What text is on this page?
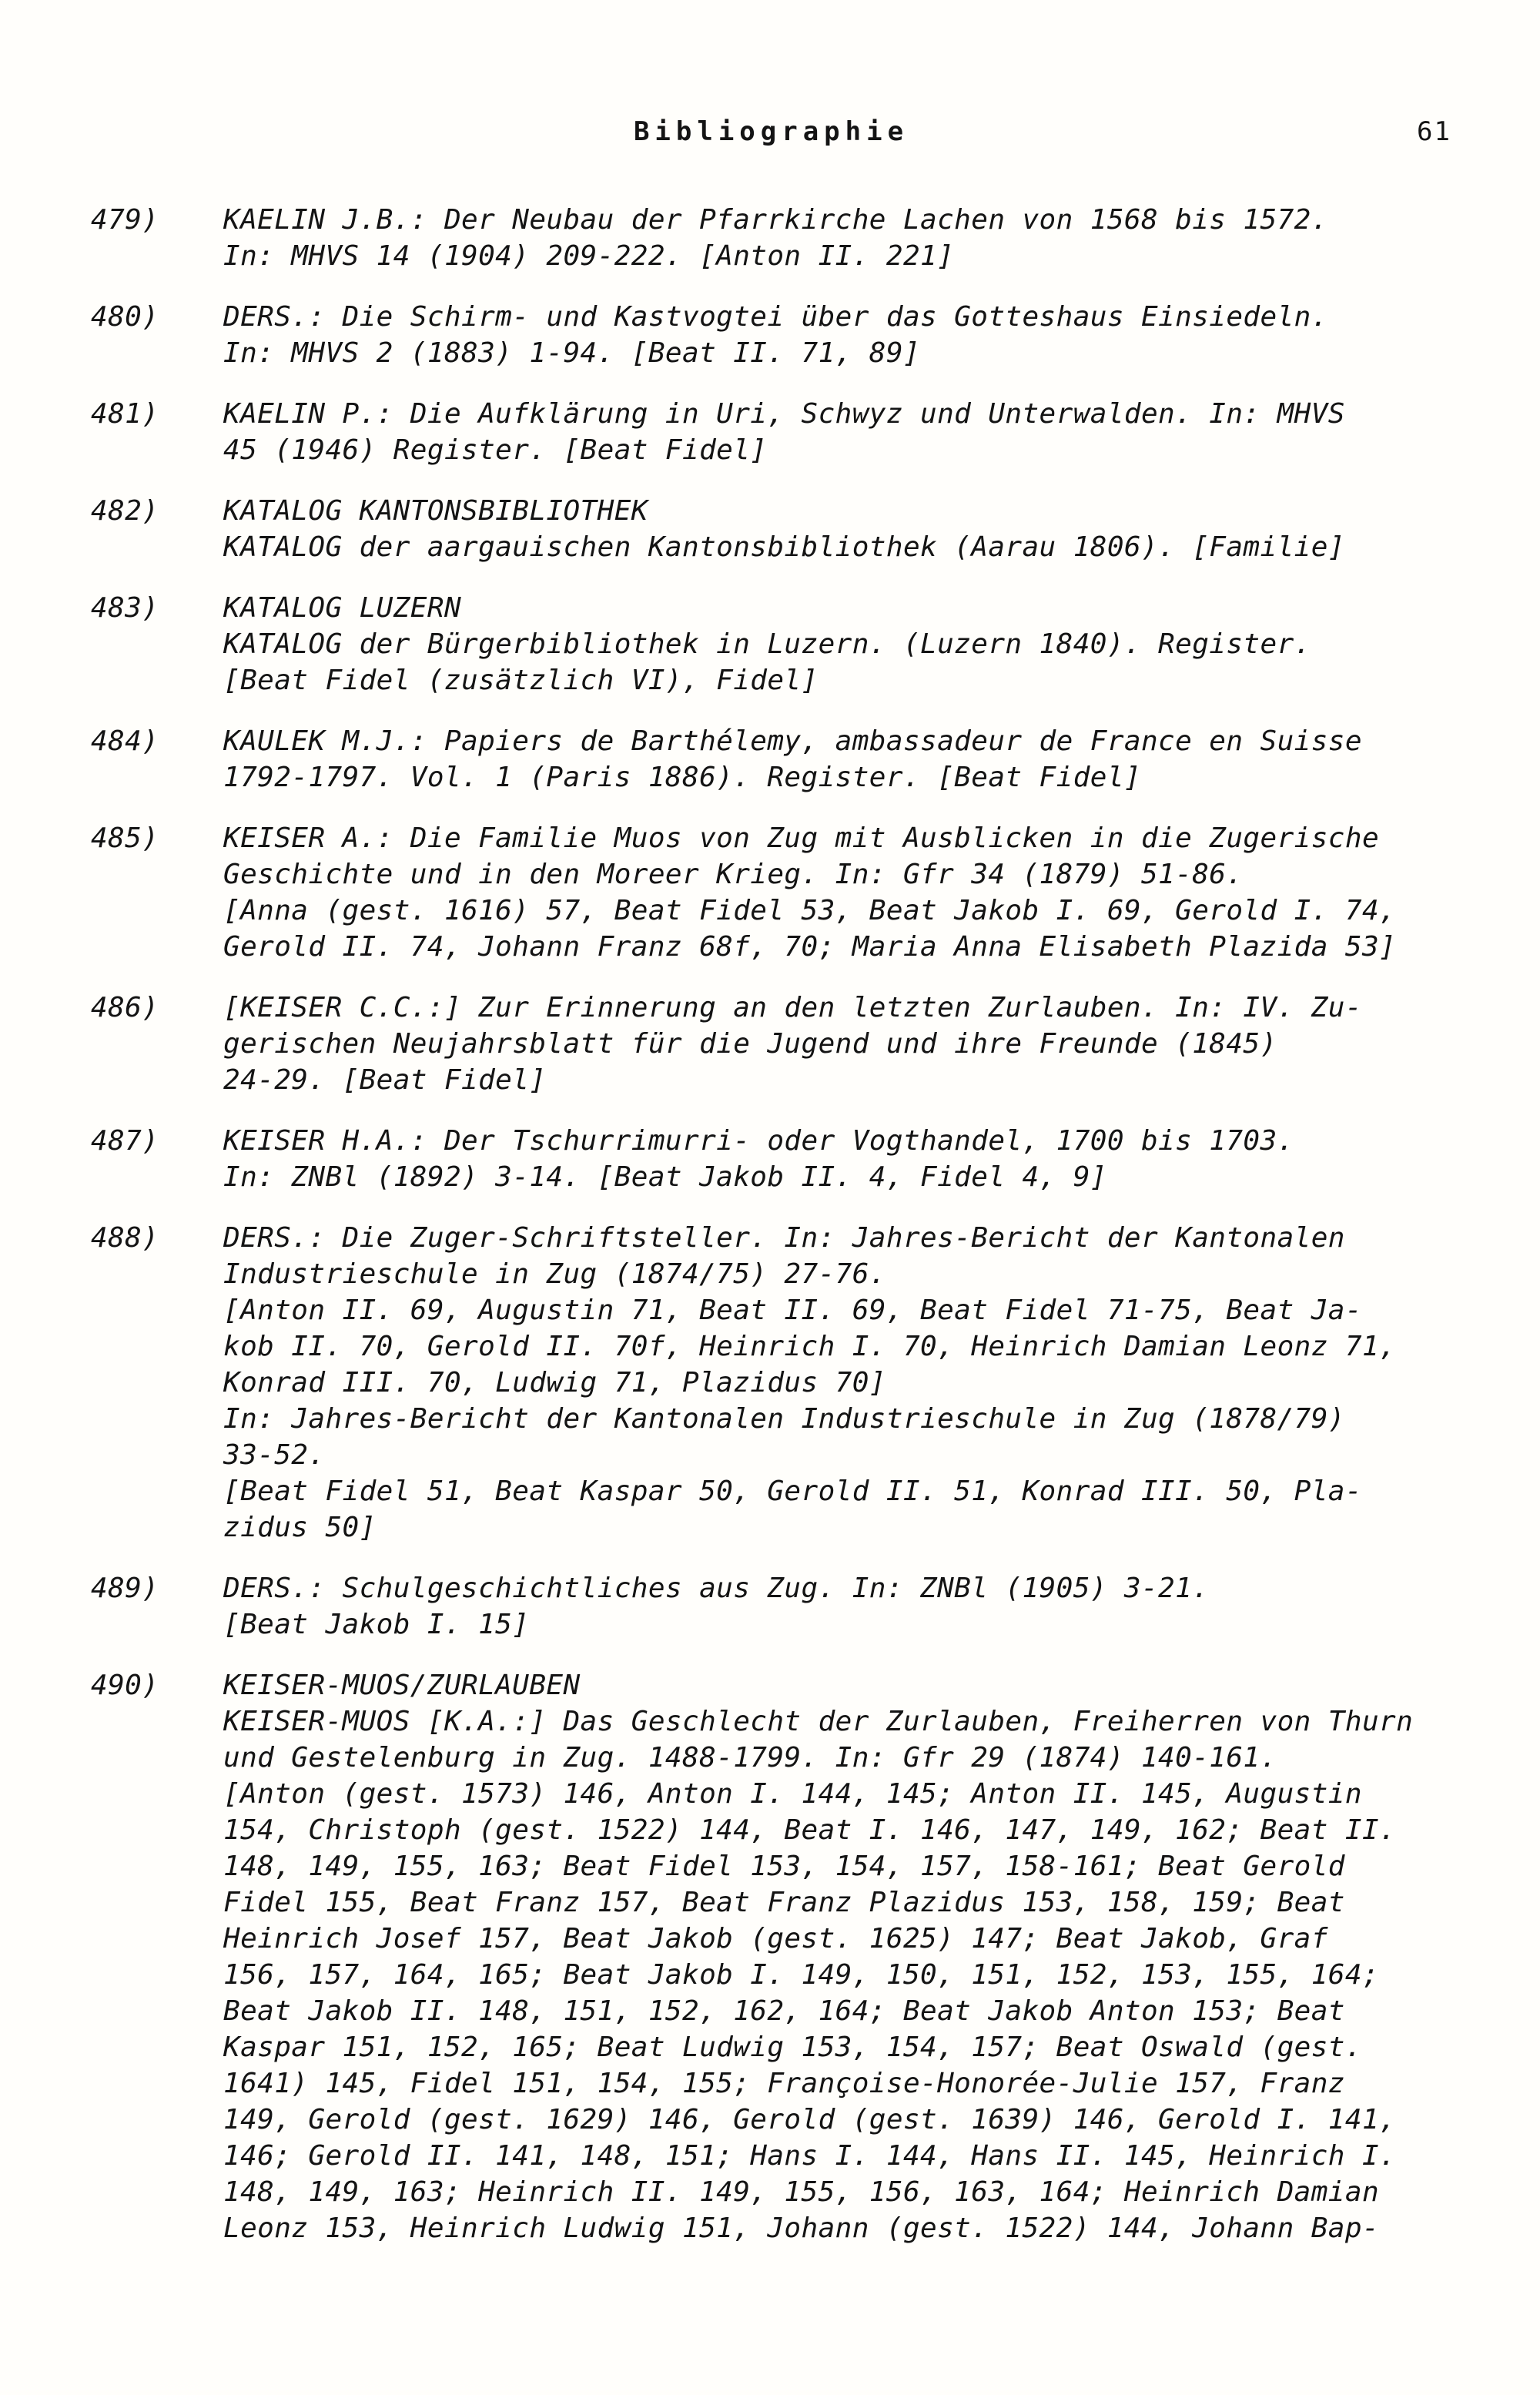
Bibliographie	61
479)	KAELIN J.B.: Der Neubau der Pfarrkirche Lachen von 1568 bis 1572.
In: MHVS 14 (1904) 209-222. [Anton II. 221]
480)	DERS.: Die Schirm- und Kastvogtei über das Gotteshaus Einsiedeln.
In: MHVS 2 (1883) 1-94. [Beat II. 71, 89]
481)	KAELIN P.: Die Aufklärung in Uri, Schwyz und Unterwalden. In: MHVS
45 (1946) Register. [Beat Fidel]
482)	KATALOG KANTONSBIBLIOTHEK
KATALOG der aargauischen Kantonsbibliothek (Aarau 1806). [Familie]
483)	KATALOG LUZERN
KATALOG der Bürgerbibliothek in Luzern. (Luzern 1840). Register.
[Beat Fidel (zusätzlich VI), Fidel]
484)	KAULEK M.J.: Papiers de Barthélemy, ambassadeur de France en Suisse
1792-1797. Vol. 1 (Paris 1886). Register. [Beat Fidel]
485)	KEISER A.: Die Familie Muos von Zug mit Ausblicken in die Zugerische
Geschichte und in den Moreer Krieg. In: Gfr 34 (1879) 51-86.
[Anna (gest. 1616) 57, Beat Fidel 53, Beat Jakob I. 69, Gerold I. 74,
Gerold II. 74, Johann Franz 68f, 70; Maria Anna Elisabeth Plazida 53]
486)	[KEISER C.C.:] Zur Erinnerung an den letzten Zurlauben. In: IV. Zu-
gerischen Neujahrsblatt für die Jugend und ihre Freunde (1845)
24-29. [Beat Fidel]
487)	KEISER H.A.: Der Tschurrimurri- oder Vogthandel, 1700 bis 1703.
In: ZNBl (1892) 3-14. [Beat Jakob II. 4, Fidel 4, 9]
488)	DERS.: Die Zuger-Schriftsteller. In: Jahres-Bericht der Kantonalen
Industrieschule in Zug (1874/75) 27-76.
[Anton II. 69, Augustin 71, Beat II. 69, Beat Fidel 71-75, Beat Ja-
kob II. 70, Gerold II. 70f, Heinrich I. 70, Heinrich Damian Leonz 71,
Konrad III. 70, Ludwig 71, Plazidus 70]
In: Jahres-Bericht der Kantonalen Industrieschule in Zug (1878/79)
33-52.
[Beat Fidel 51, Beat Kaspar 50, Gerold II. 51, Konrad III. 50, Pla-
zidus 50]
489)	DERS.: Schulgeschichtliches aus Zug. In: ZNBl (1905) 3-21.
[Beat Jakob I. 15]
490)	KEISER-MUOS/ZURLAUBEN
KEISER-MUOS [K.A.:] Das Geschlecht der Zurlauben, Freiherren von Thurn
und Gestelenburg in Zug. 1488-1799. In: Gfr 29 (1874) 140-161.
[Anton (gest. 1573) 146, Anton I. 144, 145; Anton II. 145, Augustin
154, Christoph (gest. 1522) 144, Beat I. 146, 147, 149, 162; Beat II.
148, 149, 155, 163; Beat Fidel 153, 154, 157, 158-161; Beat Gerold
Fidel 155, Beat Franz 157, Beat Franz Plazidus 153, 158, 159; Beat
Heinrich Josef 157, Beat Jakob (gest. 1625) 147; Beat Jakob, Graf
156, 157, 164, 165; Beat Jakob I. 149, 150, 151, 152, 153, 155, 164;
Beat Jakob II. 148, 151, 152, 162, 164; Beat Jakob Anton 153; Beat
Kaspar 151, 152, 165; Beat Ludwig 153, 154, 157; Beat Oswald (gest.
1641) 145, Fidel 151, 154, 155; Françoise-Honorée-Julie 157, Franz
149, Gerold (gest. 1629) 146, Gerold (gest. 1639) 146, Gerold I. 141,
146; Gerold II. 141, 148, 151; Hans I. 144, Hans II. 145, Heinrich I.
148, 149, 163; Heinrich II. 149, 155, 156, 163, 164; Heinrich Damian
Leonz 153, Heinrich Ludwig 151, Johann (gest. 1522) 144, Johann Bap-
